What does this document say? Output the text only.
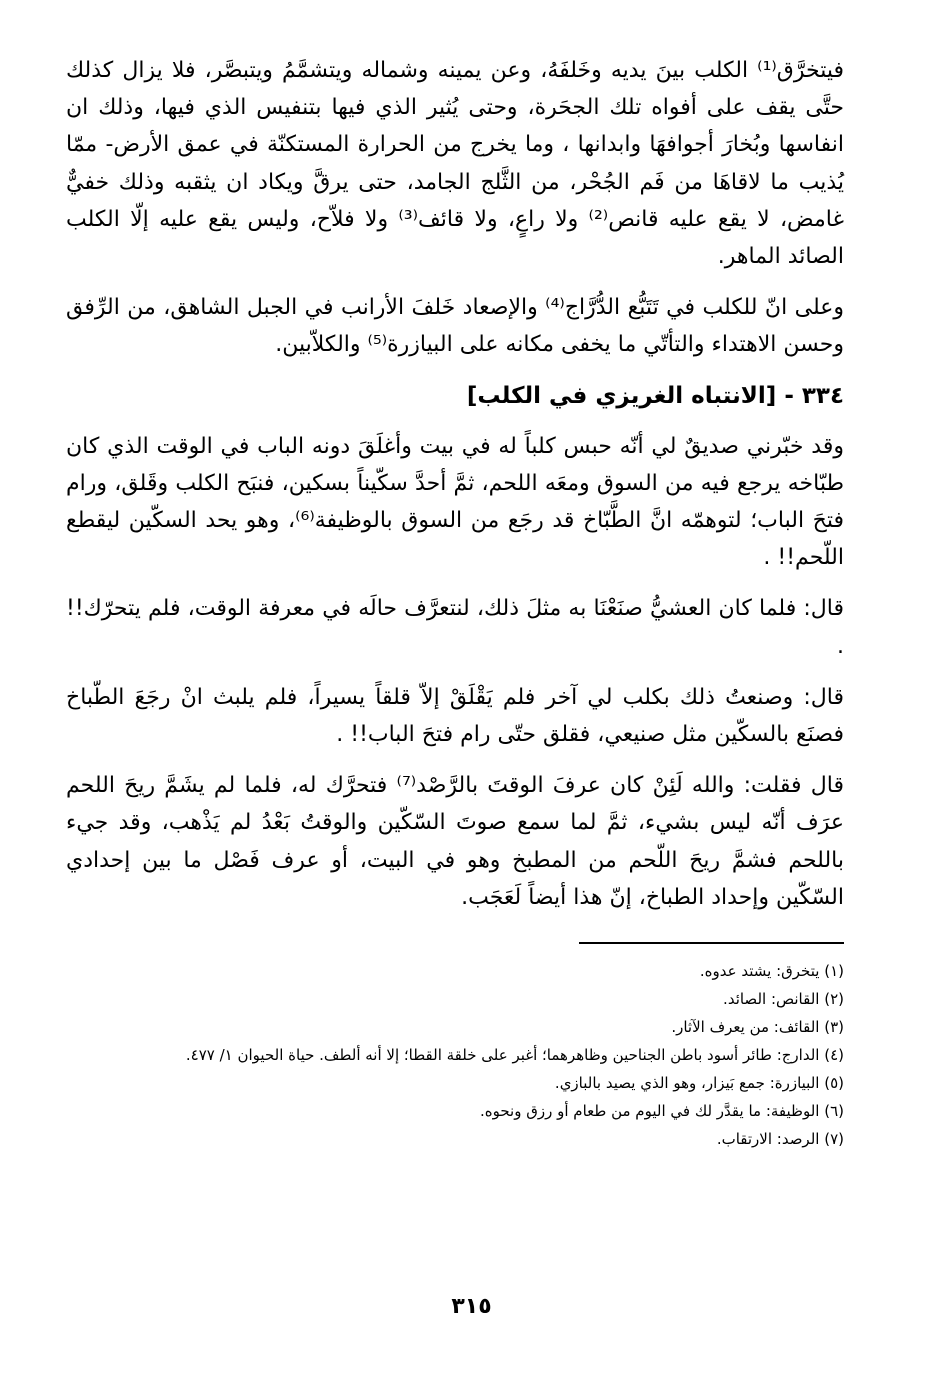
فيتخرَّق⁽¹⁾ الكلب بينَ يديه وخَلفَهُ، وعن يمينه وشماله ويتشمَّمُ ويتبصَّر، فلا يزال كذلك حتَّى يقف على أفواه تلك الجحَرة، وحتى يُثير الذي فيها بتنفيس الذي فيها، وذلك ان انفاسها وبُخارَ أجوافهَا وابدانها ، وما يخرج من الحرارة المستكنّة في عمق الأرض- ممّا يُذيب ما لاقاهَا من فَم الجُحْر، من الثَّلج الجامد، حتى يرقَّ ويكاد ان يثقبه وذلك خفيٌّ غامض، لا يقع عليه قانص⁽²⁾ ولا راعٍ، ولا قائف⁽³⁾ ولا فلاّح، وليس يقع عليه إلّا الكلب الصائد الماهر.

وعلى انّ للكلب في تَتَبُّع الدُّرَّاج⁽⁴⁾ والإصعاد خَلفَ الأرانب في الجبل الشاهق، من الرِّفق وحسن الاهتداء والتأتّي ما يخفى مكانه على البيازرة⁽⁵⁾ والكلاّبين.

٣٣٤ - [الانتباه الغريزي في الكلب]

وقد خبّرني صديقٌ لي أنّه حبس كلباً له في بيت وأغلَقَ دونه الباب في الوقت الذي كان طبّاخه يرجع فيه من السوق ومعَه اللحم، ثمَّ أحدَّ سكّيناً بسكين، فنبَح الكلب وقَلق، ورام فتحَ الباب؛ لتوهمّه انَّ الطَّبّاخ قد رجَع من السوق بالوظيفة⁽⁶⁾، وهو يحد السكّين ليقطع اللّحم!! .

قال: فلما كان العشيُّ صنَعْنَا به مثلَ ذلك، لنتعرَّف حالَه في معرفة الوقت، فلم يتحرّك!! .

قال: وصنعتُ ذلك بكلب لي آخر فلم يَقْلَقْ إلاّ قلقاً يسيراً، فلم يلبث انْ رجَعَ الطّباخ فصنَع بالسكّين مثل صنيعي، فقلق حتّى رام فتحَ الباب!! .

قال فقلت: والله لَئِنْ كان عرفَ الوقتَ بالرَّصْد⁽⁷⁾ فتحرَّك له، فلما لم يشَمَّ ريحَ اللحم عرَف أنّه ليس بشيء، ثمَّ لما سمع صوتَ السّكّين والوقتُ بَعْدُ لم يَذْهب، وقد جيء باللحم فشمَّ ريحَ اللّحم من المطبخ وهو في البيت، أو عرف فَصْل ما بين إحدادي السّكّين وإحداد الطباخ، إنّ هذا أيضاً لَعَجَب.

(١) يتخرق: يشتد عدوه.
(٢) القانص: الصائد.
(٣) القائف: من يعرف الآثار.
(٤) الدارج: طائر أسود باطن الجناحين وظاهرهما؛ أغبر على خلقة القطا؛ إلا أنه ألطف. حياة الحيوان ١/ ٤٧٧.
(٥) البيازرة: جمع بَيزار، وهو الذي يصيد بالبازي.
(٦) الوظيفة: ما يقدَّر لك في اليوم من طعام أو رزق ونحوه.
(٧) الرصد: الارتقاب.
٣١٥
